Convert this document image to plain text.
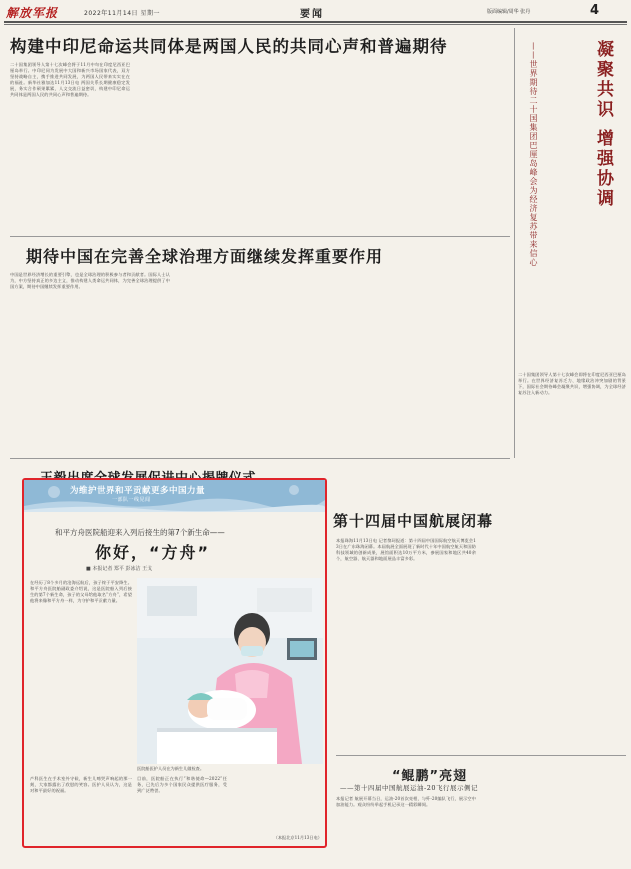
解放军报	2022年11月14日 星期一	要闻	版面编辑/周华 张丹	4
构建中印尼命运共同体是两国人民的共同心声和普遍期待
二十国集团领导人第十七次峰会将于11月中旬在印度尼西亚巴厘岛举行。中印尼同为发展中大国和新兴市场国家代表，双方坚持战略自主，携手推进共同发展，为两国人民带来实实在在的福祉。新华社雅加达11月13日电 两国关系长期健康稳定发展，务实合作硕果累累，人文交流日益密切，构建中印尼命运共同体是两国人民的共同心声和普遍期待。
期待中国在完善全球治理方面继续发挥重要作用
中国是世界经济增长的重要引擎，也是全球治理的积极参与者和贡献者。国际人士认为，中方坚持真正的多边主义，推动构建人类命运共同体，为完善全球治理提供了中国方案，期待中国继续发挥重要作用。
凝聚共识 增强协调
——世界期待二十国集团巴厘岛峰会为经济复苏带来信心
二十国集团领导人第十七次峰会即将在印度尼西亚巴厘岛举行。在世界经济复苏乏力、地缘政治冲突加剧的背景下，国际社会期待峰会凝聚共识，增强协调，为全球经济复苏注入新动力。
第十四届中国航展闭幕
本报珠海11月13日电 记者黎珂报道：第十四届中国国际航空航天博览会13日在广东珠海闭幕。本届航展全面展现了新时代十年中国航空航天和国防科技领域的创新成果，展馆面积达10万平方米，参展国家和地区共40余个，航空器、航天器和地面展品丰富多彩。
“鲲鹏”亮翅
——第十四届中国航展运油-20飞行展示侧记
本报记者 航展开幕当日，运油-20首次亮相，与歼-20编队飞行，展示空中加油能力。观众纷纷举起手机记录这一精彩瞬间。
为维护世界和平贡献更多中国力量
一部队一线见闻
和平方舟医院船迎来入列后接生的第7个新生命——
你好，“方舟”
■ 本报记者 郑平 彭冰洁 王戈
在经历了8个多月的沧海远航后，孩子终于平安降生。和平方舟医院船副政委介绍说，这是医院船入列后接生的第7个新生命，孩子的父母给他取名“方舟”，希望他将来像和平方舟一样，为守护和平贡献力量。
医院船医护人员在为新生儿做检查。
产科医生在手术室外守候，新生儿啼哭声响起的那一刻，大家都露出了欣慰的笑容。医护人员认为，这是对和平最好的祝福。
目前，医院船正在执行“和谐使命—2022”任务，已先后为多个国家民众提供医疗服务，受到广泛赞誉。
（本报北京11月13日电）
